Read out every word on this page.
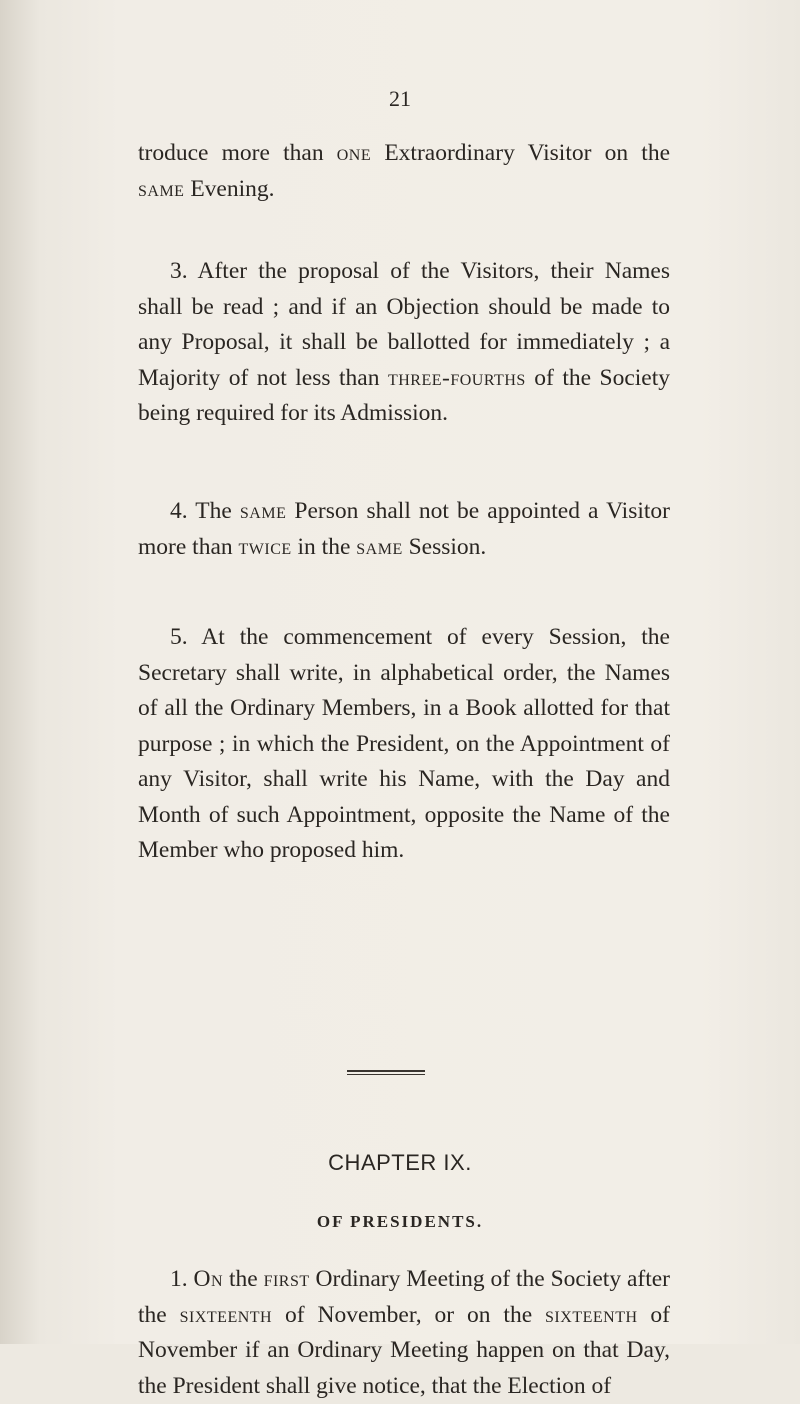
21

troduce more than one Extraordinary Visitor on the same Evening.

3. After the proposal of the Visitors, their Names shall be read ; and if an Objection should be made to any Proposal, it shall be ballotted for immediately ; a Majority of not less than three-fourths of the Society being required for its Admission.

4. The same Person shall not be appointed a Visitor more than twice in the same Session.

5. At the commencement of every Session, the Secretary shall write, in alphabetical order, the Names of all the Ordinary Members, in a Book allotted for that purpose ; in which the President, on the Appointment of any Visitor, shall write his Name, with the Day and Month of such Appointment, opposite the Name of the Member who proposed him.

CHAPTER IX.
OF PRESIDENTS.

1. On the first Ordinary Meeting of the Society after the sixteenth of November, or on the sixteenth of November if an Ordinary Meeting happen on that Day, the President shall give notice, that the Election of
